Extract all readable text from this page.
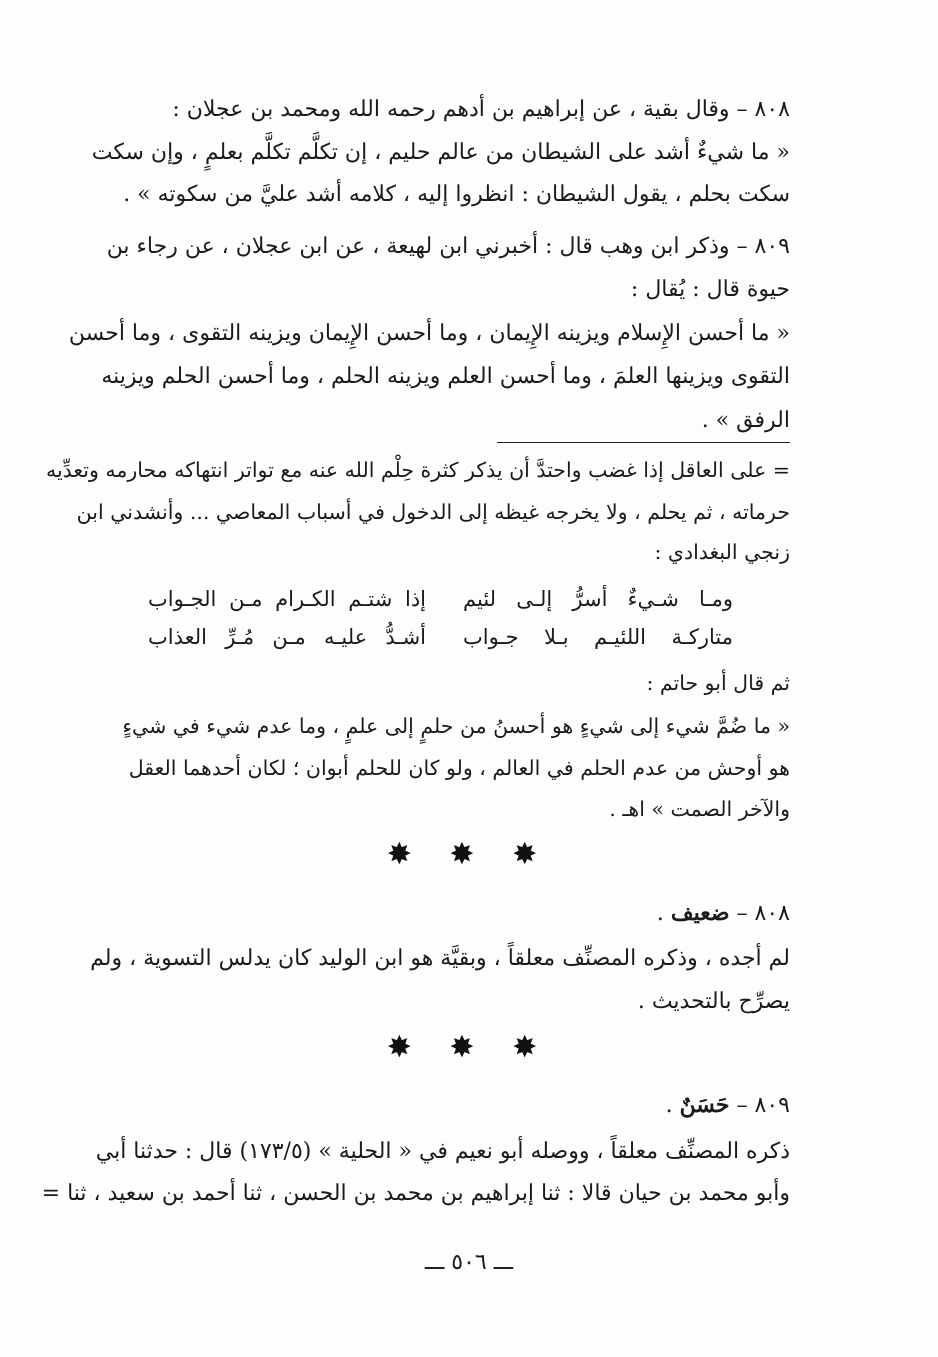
٨٠٨ – وقال بقية ، عن إبراهيم بن أدهم رحمه الله ومحمد بن عجلان :
« ما شيءٌ أشد على الشيطان من عالم حليم ، إن تكلَّم تكلَّم بعلمٍ ، وإن سكت
سكت بحلم ، يقول الشيطان : انظروا إليه ، كلامه أشد عليَّ من سكوته » .
٨٠٩ – وذكر ابن وهب قال : أخبرني ابن لهيعة ، عن ابن عجلان ، عن رجاء بن
حيوة قال : يُقال :
« ما أحسن الإِسلام ويزينه الإِيمان ، وما أحسن الإِيمان ويزينه التقوى ، وما أحسن
التقوى ويزينها العلمَ ، وما أحسن العلم ويزينه الحلم ، وما أحسن الحلم ويزينه
الرفق » .
= على العاقل إذا غضب واحتدَّ أن يذكر كثرة حِلْم الله عنه مع تواتر انتهاكه محارمه وتعدِّيه
حرماته ، ثم يحلم ، ولا يخرجه غيظه إلى الدخول في أسباب المعاصي ... وأنشدني ابن
زنجي البغدادي :
ومـا شـيءٌ أسرُّ إلـى لئيم
إذا شتـم الكـرام مـن الجـواب
متاركـة اللئيـم بـلا جـواب
أشـدُّ عليـه مـن مُـرِّ العذاب
ثم قال أبو حاتم :
« ما ضُمَّ شيء إلى شيءٍ هو أحسنُ من حلمٍ إلى علمٍ ، وما عدم شيء في شيءٍ
هو أوحش من عدم الحلم في العالم ، ولو كان للحلم أبوان ؛ لكان أحدهما العقل
والآخر الصمت » اهـ .
✸ ✸ ✸
٨٠٨ – ضعيف .
لم أجده ، وذكره المصنِّف معلقاً ، وبقيَّة هو ابن الوليد كان يدلس التسوية ، ولم
يصرِّح بالتحديث .
✸ ✸ ✸
٨٠٩ – حَسَنٌ .
ذكره المصنِّف معلقاً ، ووصله أبو نعيم في « الحلية » (١٧٣/٥) قال : حدثنا أبي
وأبو محمد بن حيان قالا : ثنا إبراهيم بن محمد بن الحسن ، ثنا أحمد بن سعيد ، ثنا =
ـــ ٥٠٦ ـــ
